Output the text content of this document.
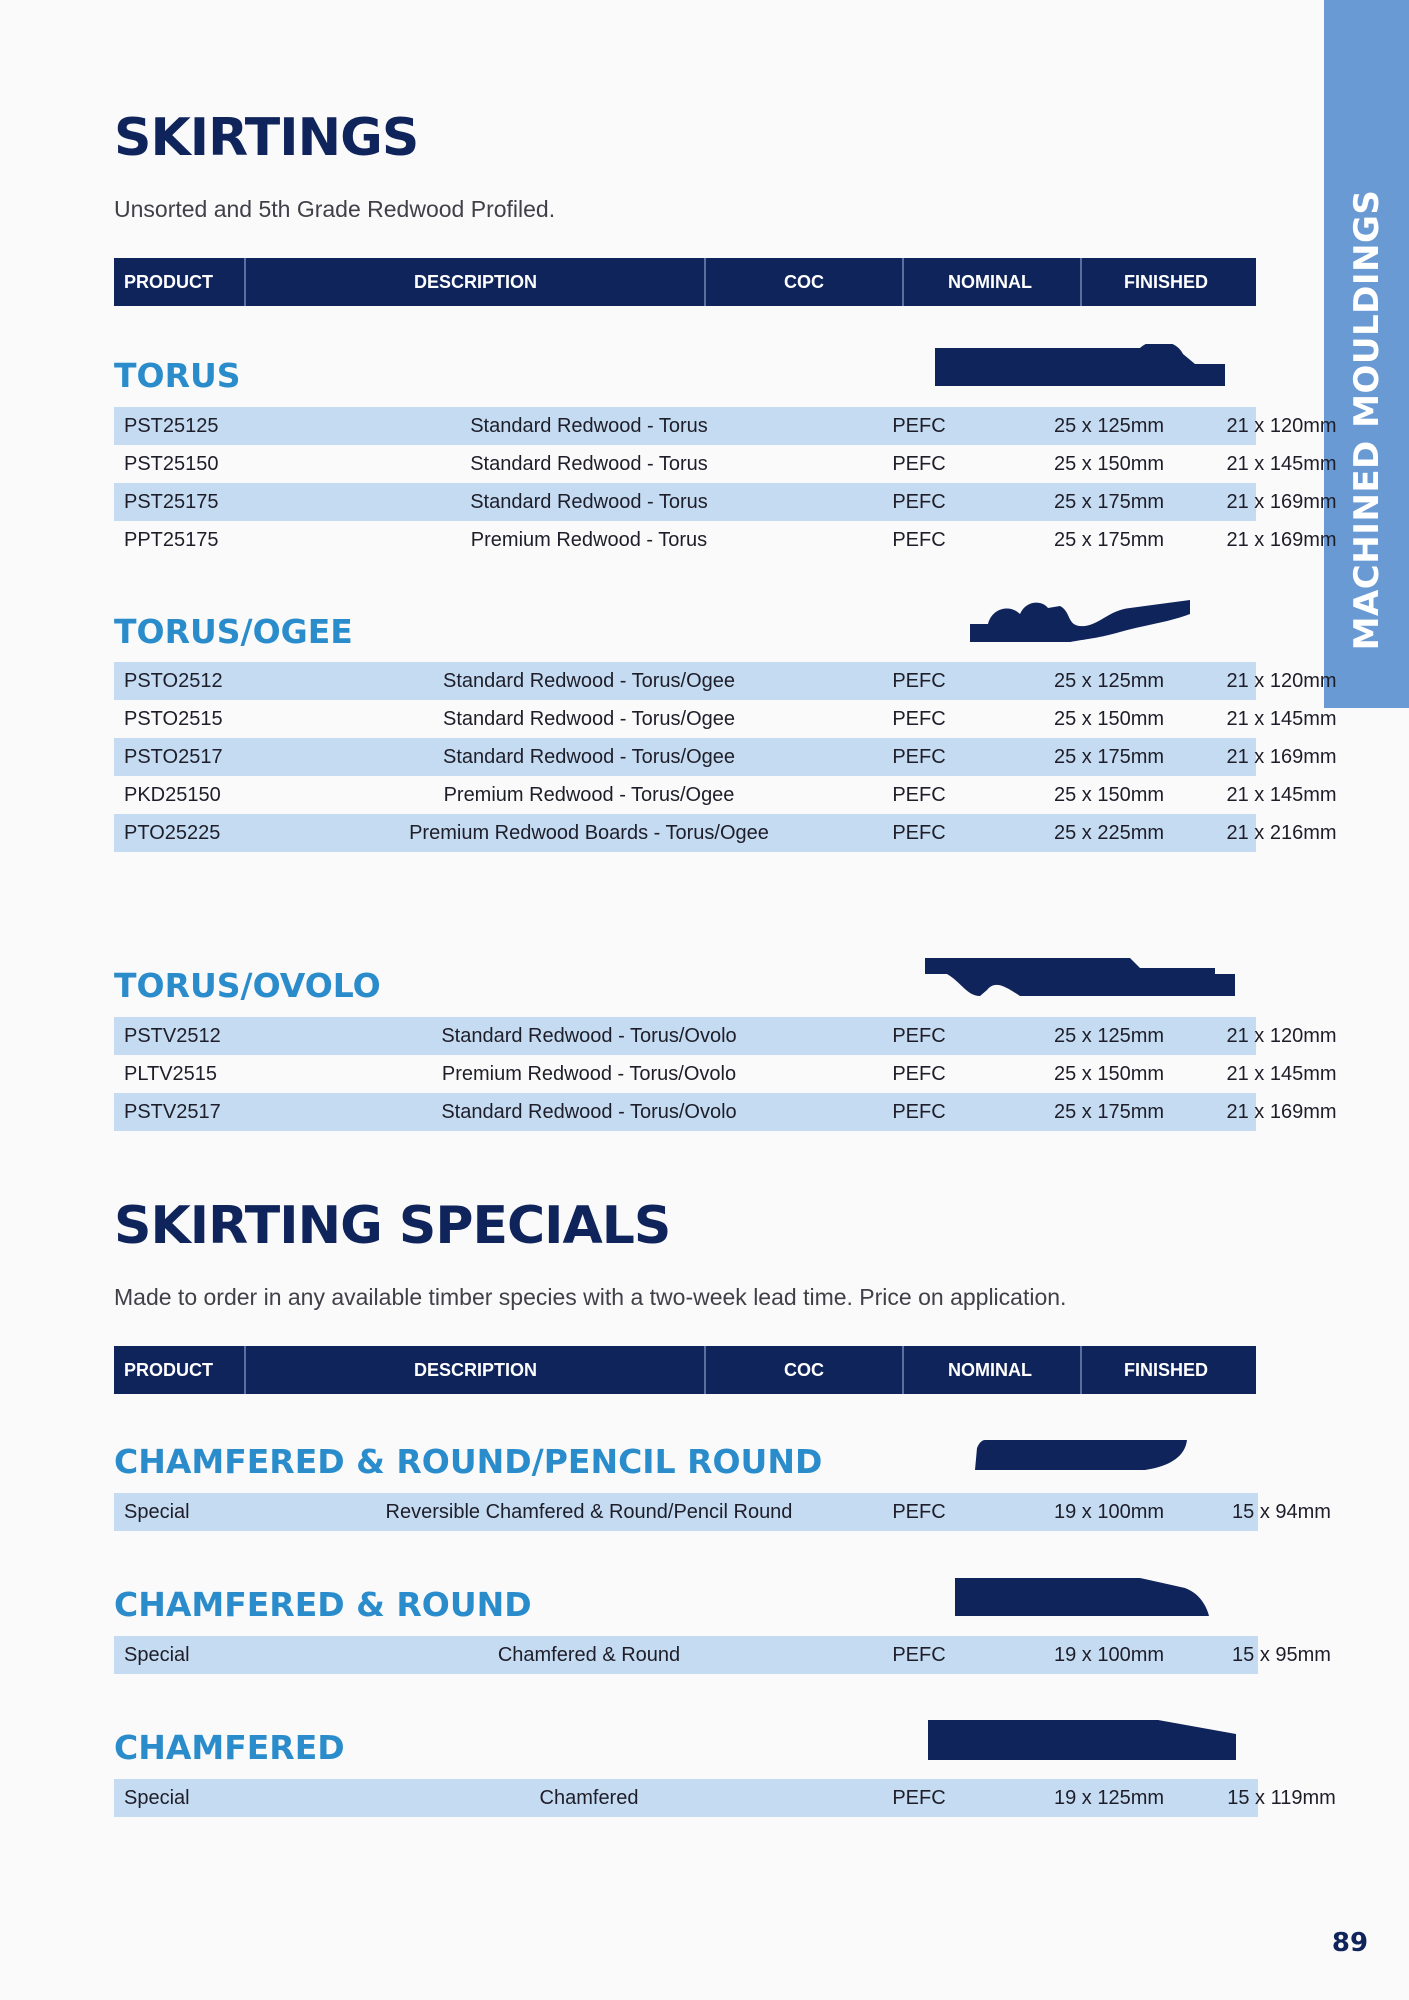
MACHINED MOULDINGS
SKIRTINGS
Unsorted and 5th Grade Redwood Profiled.
PRODUCT	DESCRIPTION	COC	NOMINAL	FINISHED
TORUS
PST25125	Standard Redwood - Torus	PEFC	25 x 125mm	21 x 120mm
PST25150	Standard Redwood - Torus	PEFC	25 x 150mm	21 x 145mm
PST25175	Standard Redwood - Torus	PEFC	25 x 175mm	21 x 169mm
PPT25175	Premium Redwood - Torus	PEFC	25 x 175mm	21 x 169mm
TORUS/OGEE
PSTO2512	Standard Redwood - Torus/Ogee	PEFC	25 x 125mm	21 x 120mm
PSTO2515	Standard Redwood - Torus/Ogee	PEFC	25 x 150mm	21 x 145mm
PSTO2517	Standard Redwood - Torus/Ogee	PEFC	25 x 175mm	21 x 169mm
PKD25150	Premium Redwood - Torus/Ogee	PEFC	25 x 150mm	21 x 145mm
PTO25225	Premium Redwood Boards - Torus/Ogee	PEFC	25 x 225mm	21 x 216mm
TORUS/OVOLO
PSTV2512	Standard Redwood - Torus/Ovolo	PEFC	25 x 125mm	21 x 120mm
PLTV2515	Premium Redwood - Torus/Ovolo	PEFC	25 x 150mm	21 x 145mm
PSTV2517	Standard Redwood - Torus/Ovolo	PEFC	25 x 175mm	21 x 169mm
SKIRTING SPECIALS
Made to order in any available timber species with a two-week lead time. Price on application.
PRODUCT	DESCRIPTION	COC	NOMINAL	FINISHED
CHAMFERED & ROUND/PENCIL ROUND
Special	Reversible Chamfered & Round/Pencil Round	PEFC	19 x 100mm	15 x 94mm
CHAMFERED & ROUND
Special	Chamfered & Round	PEFC	19 x 100mm	15 x 95mm
CHAMFERED
Special	Chamfered	PEFC	19 x 125mm	15 x 119mm
89
